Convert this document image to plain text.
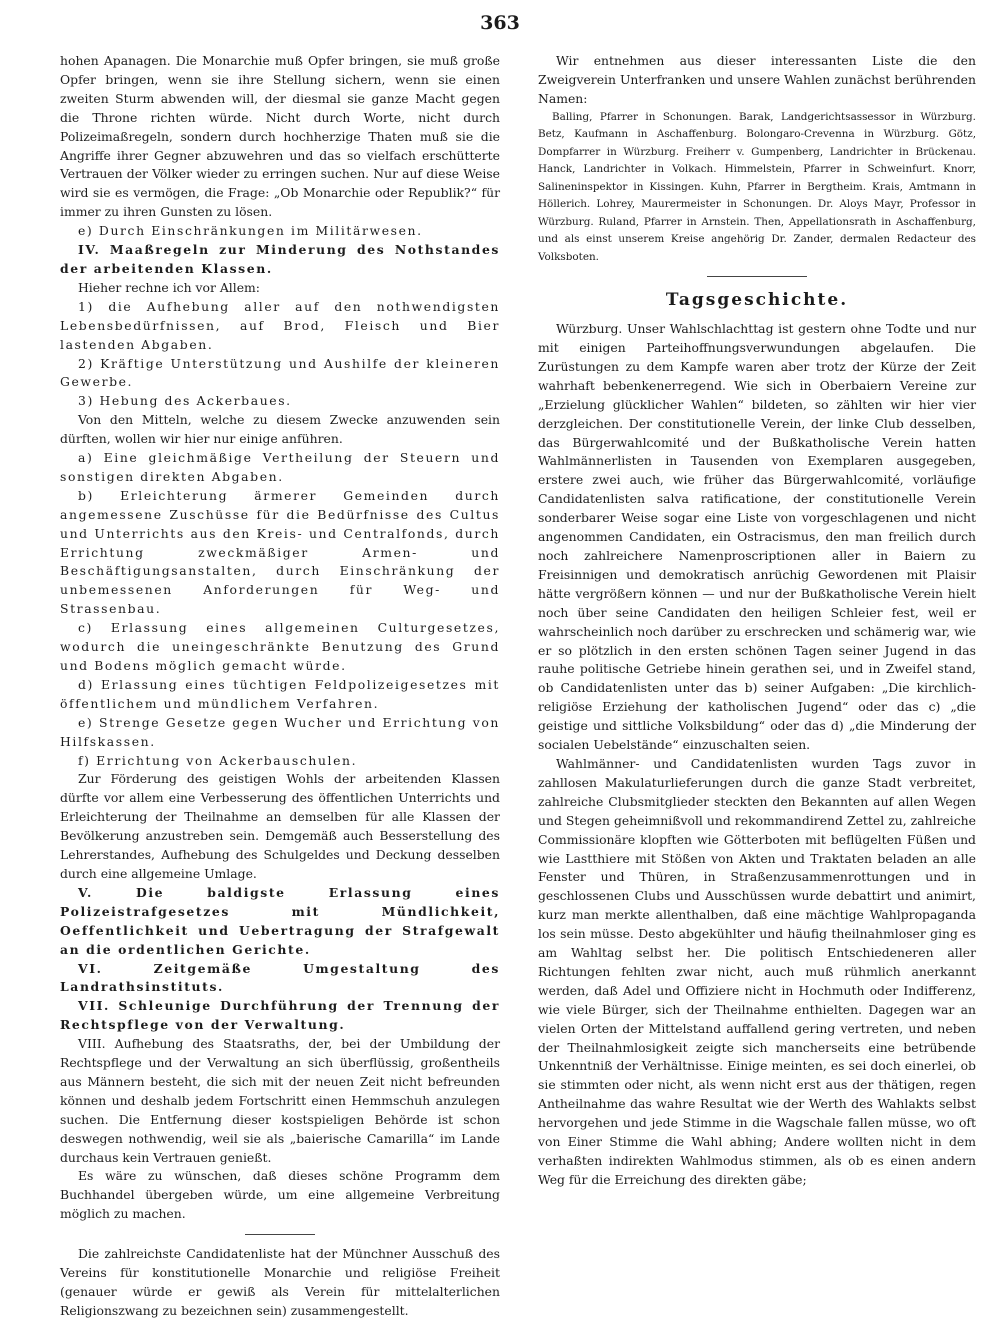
363

hohen Apanagen. Die Monarchie muß Opfer bringen, sie muß große Opfer bringen, wenn sie ihre Stellung sichern, wenn sie einen zweiten Sturm abwenden will, der diesmal sie ganze Macht gegen die Throne richten würde. Nicht durch Worte, nicht durch Polizeimaßregeln, sondern durch hochherzige Thaten muß sie die Angriffe ihrer Gegner abzuwehren und das so vielfach erschütterte Vertrauen der Völker wieder zu erringen suchen. Nur auf diese Weise wird sie es vermögen, die Frage: „Ob Monarchie oder Republik?“ für immer zu ihren Gunsten zu lösen.

e) Durch Einschränkungen im Militärwesen.

IV. Maaßregeln zur Minderung des Nothstandes der arbeitenden Klassen.

Hieher rechne ich vor Allem:

1) die Aufhebung aller auf den nothwendigsten Lebensbedürfnissen, auf Brod, Fleisch und Bier lastenden Abgaben.

2) Kräftige Unterstützung und Aushilfe der kleineren Gewerbe.

3) Hebung des Ackerbaues.

Von den Mitteln, welche zu diesem Zwecke anzuwenden sein dürften, wollen wir hier nur einige anführen.

a) Eine gleichmäßige Vertheilung der Steuern und sonstigen direkten Abgaben.

b) Erleichterung ärmerer Gemeinden durch angemessene Zuschüsse für die Bedürfnisse des Cultus und Unterrichts aus den Kreis- und Centralfonds, durch Errichtung zweckmäßiger Armen- und Beschäftigungsanstalten, durch Einschränkung der unbemessenen Anforderungen für Weg- und Strassenbau.

c) Erlassung eines allgemeinen Culturgesetzes, wodurch die uneingeschränkte Benutzung des Grund und Bodens möglich gemacht würde.

d) Erlassung eines tüchtigen Feldpolizeigesetzes mit öffentlichem und mündlichem Verfahren.

e) Strenge Gesetze gegen Wucher und Errichtung von Hilfskassen.

f) Errichtung von Ackerbauschulen.

Zur Förderung des geistigen Wohls der arbeitenden Klassen dürfte vor allem eine Verbesserung des öffentlichen Unterrichts und Erleichterung der Theilnahme an demselben für alle Klassen der Bevölkerung anzustreben sein. Demgemäß auch Besserstellung des Lehrerstandes, Aufhebung des Schulgeldes und Deckung desselben durch eine allgemeine Umlage.

V. Die baldigste Erlassung eines Polizeistrafgesetzes mit Mündlichkeit, Oeffentlichkeit und Uebertragung der Strafgewalt an die ordentlichen Gerichte.

VI. Zeitgemäße Umgestaltung des Landrathsinstituts.

VII. Schleunige Durchführung der Trennung der Rechtspflege von der Verwaltung.

VIII. Aufhebung des Staatsraths, der, bei der Umbildung der Rechtspflege und der Verwaltung an sich überflüssig, großentheils aus Männern besteht, die sich mit der neuen Zeit nicht befreunden können und deshalb jedem Fortschritt einen Hemmschuh anzulegen suchen. Die Entfernung dieser kostspieligen Behörde ist schon deswegen nothwendig, weil sie als „baierische Camarilla“ im Lande durchaus kein Vertrauen genießt.

Es wäre zu wünschen, daß dieses schöne Programm dem Buchhandel übergeben würde, um eine allgemeine Verbreitung möglich zu machen.

Die zahlreichste Candidatenliste hat der Münchner Ausschuß des Vereins für konstitutionelle Monarchie und religiöse Freiheit (genauer würde er gewiß als Verein für mittelalterlichen Religionszwang zu bezeichnen sein) zusammengestellt.

Wir entnehmen aus dieser interessanten Liste die den Zweigverein Unterfranken und unsere Wahlen zunächst berührenden Namen:

Balling, Pfarrer in Schonungen. Barak, Landgerichtsassessor in Würzburg. Betz, Kaufmann in Aschaffenburg. Bolongaro-Crevenna in Würzburg. Götz, Dompfarrer in Würzburg. Freiherr v. Gumpenberg, Landrichter in Brückenau. Hanck, Landrichter in Volkach. Himmelstein, Pfarrer in Schweinfurt. Knorr, Salineninspektor in Kissingen. Kuhn, Pfarrer in Bergtheim. Krais, Amtmann in Höllerich. Lohrey, Maurermeister in Schonungen. Dr. Aloys Mayr, Professor in Würzburg. Ruland, Pfarrer in Arnstein. Then, Appellationsrath in Aschaffenburg, und als einst unserem Kreise angehörig Dr. Zander, dermalen Redacteur des Volksboten.

Tagsgeschichte.

Würzburg. Unser Wahlschlachttag ist gestern ohne Todte und nur mit einigen Parteihoffnungsverwundungen abgelaufen. Die Zurüstungen zu dem Kampfe waren aber trotz der Kürze der Zeit wahrhaft bebenkenerregend. Wie sich in Oberbaiern Vereine zur „Erzielung glücklicher Wahlen“ bildeten, so zählten wir hier vier derzgleichen. Der constitutionelle Verein, der linke Club desselben, das Bürgerwahlcomité und der Bußkatholische Verein hatten Wahlmännerlisten in Tausenden von Exemplaren ausgegeben, erstere zwei auch, wie früher das Bürgerwahlcomité, vorläufige Candidatenlisten salva ratificatione, der constitutionelle Verein sonderbarer Weise sogar eine Liste von vorgeschlagenen und nicht angenommen Candidaten, ein Ostracismus, den man freilich durch noch zahlreichere Namenproscriptionen aller in Baiern zu Freisinnigen und demokratisch anrüchig Gewordenen mit Plaisir hätte vergrößern können — und nur der Bußkatholische Verein hielt noch über seine Candidaten den heiligen Schleier fest, weil er wahrscheinlich noch darüber zu erschrecken und schämerig war, wie er so plötzlich in den ersten schönen Tagen seiner Jugend in das rauhe politische Getriebe hinein gerathen sei, und in Zweifel stand, ob Candidatenlisten unter das b) seiner Aufgaben: „Die kirchlich-religiöse Erziehung der katholischen Jugend“ oder das c) „die geistige und sittliche Volksbildung“ oder das d) „die Minderung der socialen Uebelstände“ einzuschalten seien.

Wahlmänner- und Candidatenlisten wurden Tags zuvor in zahllosen Makulaturlieferungen durch die ganze Stadt verbreitet, zahlreiche Clubsmitglieder steckten den Bekannten auf allen Wegen und Stegen geheimnißvoll und rekommandirend Zettel zu, zahlreiche Commissionäre klopften wie Götterboten mit beflügelten Füßen und wie Lastthiere mit Stößen von Akten und Traktaten beladen an alle Fenster und Thüren, in Straßenzusammenrottungen und in geschlossenen Clubs und Ausschüssen wurde debattirt und animirt, kurz man merkte allenthalben, daß eine mächtige Wahlpropaganda los sein müsse. Desto abgekühlter und häufig theilnahmloser ging es am Wahltag selbst her. Die politisch Entschiedeneren aller Richtungen fehlten zwar nicht, auch muß rühmlich anerkannt werden, daß Adel und Offiziere nicht in Hochmuth oder Indifferenz, wie viele Bürger, sich der Theilnahme enthielten. Dagegen war an vielen Orten der Mittelstand auffallend gering vertreten, und neben der Theilnahmlosigkeit zeigte sich mancherseits eine betrübende Unkenntniß der Verhältnisse. Einige meinten, es sei doch einerlei, ob sie stimmten oder nicht, als wenn nicht erst aus der thätigen, regen Antheilnahme das wahre Resultat wie der Werth des Wahlakts selbst hervorgehen und jede Stimme in die Wagschale fallen müsse, wo oft von Einer Stimme die Wahl abhing; Andere wollten nicht in dem verhaßten indirekten Wahlmodus stimmen, als ob es einen andern Weg für die Erreichung des direkten gäbe;
